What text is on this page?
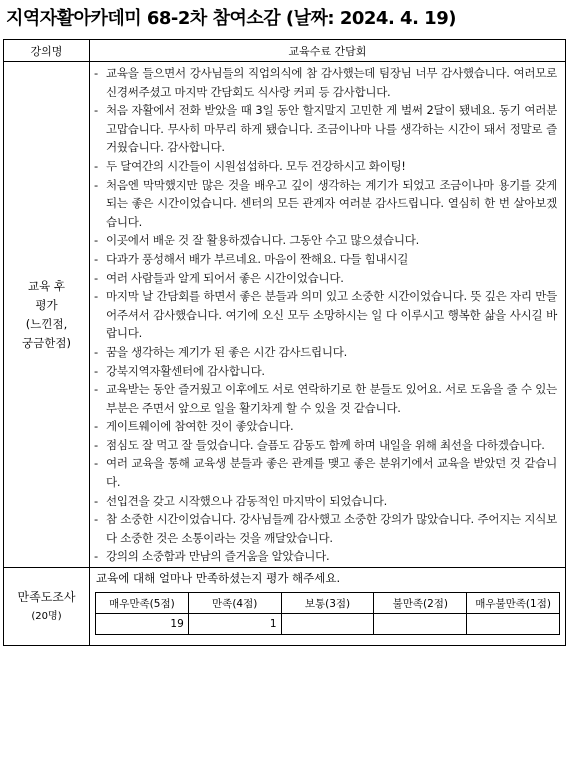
지역자활아카데미 68-2차 참여소감 (날짜: 2024. 4. 19)
강의명	교육수료 간담회

교육 후
평가
(느낀점,
궁금한점)

- 교육을 들으면서 강사님들의 직업의식에 참 감사했는데 팀장님 너무 감사했습니다. 여러모로 신경써주셨고 마지막 간담회도 식사랑 커피 등 감사합니다.
- 처음 자활에서 전화 받았을 때 3일 동안 할지말지 고민한 게 벌써 2달이 됐네요. 동기 여러분 고맙습니다. 무사히 마무리 하게 됐습니다. 조금이나마 나를 생각하는 시간이 돼서 정말로 즐거웠습니다. 감사합니다.
- 두 달여간의 시간들이 시원섭섭하다. 모두 건강하시고 화이팅!
- 처음엔 막막했지만 많은 것을 배우고 깊이 생각하는 계기가 되었고 조금이나마 용기를 갖게 되는 좋은 시간이었습니다. 센터의 모든 관계자 여러분 감사드립니다. 열심히 한 번 살아보겠습니다.
- 이곳에서 배운 것 잘 활용하겠습니다. 그동안 수고 많으셨습니다.
- 다과가 풍성해서 배가 부르네요. 마음이 짠해요. 다들 힘내시길
- 여러 사람들과 알게 되어서 좋은 시간이었습니다.
- 마지막 날 간담회를 하면서 좋은 분들과 의미 있고 소중한 시간이었습니다. 뜻 깊은 자리 만들어주셔서 감사했습니다. 여기에 오신 모두 소망하시는 일 다 이루시고 행복한 삶을 사시길 바랍니다.
- 꿈을 생각하는 계기가 된 좋은 시간 감사드립니다.
- 강북지역자활센터에 감사합니다.
- 교육받는 동안 즐거웠고 이후에도 서로 연락하기로 한 분들도 있어요. 서로 도움을 줄 수 있는 부분은 주면서 앞으로 일을 활기차게 할 수 있을 것 같습니다.
- 게이트웨이에 참여한 것이 좋았습니다.
- 점심도 잘 먹고 잘 들었습니다. 슬픔도 감동도 함께 하며 내일을 위해 최선을 다하겠습니다.
- 여러 교육을 통해 교육생 분들과 좋은 관계를 맺고 좋은 분위기에서 교육을 받았던 것 같습니다.
- 선입견을 갖고 시작했으나 감동적인 마지막이 되었습니다.
- 참 소중한 시간이었습니다. 강사님들께 감사했고 소중한 강의가 많았습니다. 주어지는 지식보다 소중한 것은 소통이라는 것을 깨달았습니다.
- 강의의 소중함과 만남의 즐거움을 알았습니다.

만족도조사
(20명)

교육에 대해 얼마나 만족하셨는지 평가 해주세요.
매우만족(5점)	만족(4점)	보통(3점)	불만족(2점)	매우불만족(1점)
19	1			
